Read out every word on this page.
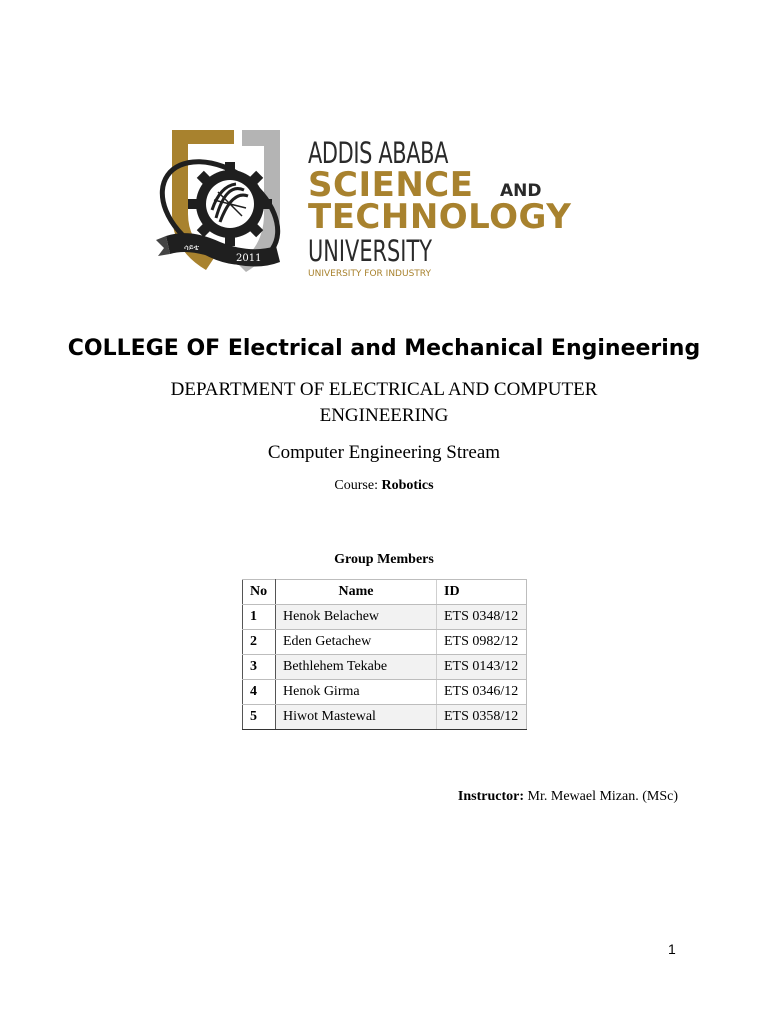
2011
ሳይቴ
ADDIS ABABA
SCIENCE AND
TECHNOLOGY
UNIVERSITY
UNIVERSITY FOR INDUSTRY
COLLEGE OF Electrical and Mechanical Engineering
DEPARTMENT OF ELECTRICAL AND COMPUTER ENGINEERING
Computer Engineering Stream
Course: Robotics
Group Members
No	Name	ID
1	Henok Belachew	ETS 0348/12
2	Eden Getachew	ETS 0982/12
3	Bethlehem Tekabe	ETS 0143/12
4	Henok Girma	ETS 0346/12
5	Hiwot Mastewal	ETS 0358/12
Instructor: Mr. Mewael Mizan. (MSc)
1
